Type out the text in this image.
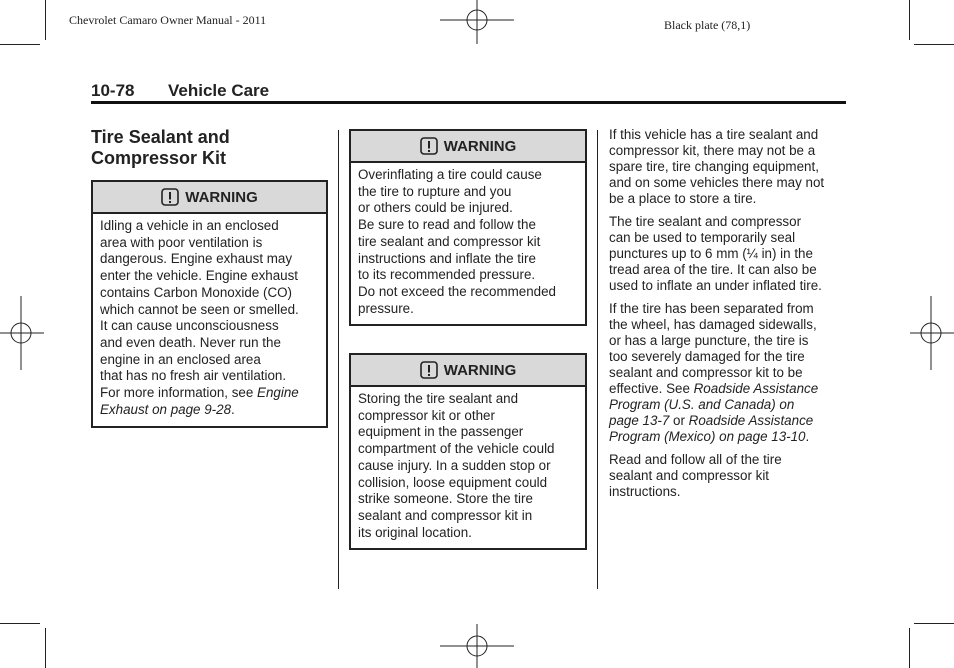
Chevrolet Camaro Owner Manual - 2011	Black plate (78,1)
10-78 Vehicle Care
Tire Sealant and Compressor Kit
WARNING

Idling a vehicle in an enclosed

area with poor ventilation is

dangerous. Engine exhaust may

enter the vehicle. Engine exhaust

contains Carbon Monoxide (CO)

which cannot be seen or smelled.

It can cause unconsciousness

and even death. Never run the

engine in an enclosed area

that has no fresh air ventilation.

For more information, see Engine

Exhaust on page 9-28.

WARNING

Overinflating a tire could cause

the tire to rupture and you

or others could be injured.

Be sure to read and follow the

tire sealant and compressor kit

instructions and inflate the tire

to its recommended pressure.

Do not exceed the recommended

pressure.

WARNING

Storing the tire sealant and

compressor kit or other

equipment in the passenger

compartment of the vehicle could

cause injury. In a sudden stop or

collision, loose equipment could

strike someone. Store the tire

sealant and compressor kit in

its original location.

If this vehicle has a tire sealant and
compressor kit, there may not be a
spare tire, tire changing equipment,
and on some vehicles there may not
be a place to store a tire.

The tire sealant and compressor
can be used to temporarily seal
punctures up to 6 mm (¼ in) in the
tread area of the tire. It can also be
used to inflate an under inflated tire.

If the tire has been separated from
the wheel, has damaged sidewalls,
or has a large puncture, the tire is
too severely damaged for the tire
sealant and compressor kit to be
effective. See Roadside Assistance
Program (U.S. and Canada) on
page 13-7 or Roadside Assistance
Program (Mexico) on page 13-10.

Read and follow all of the tire
sealant and compressor kit
instructions.
